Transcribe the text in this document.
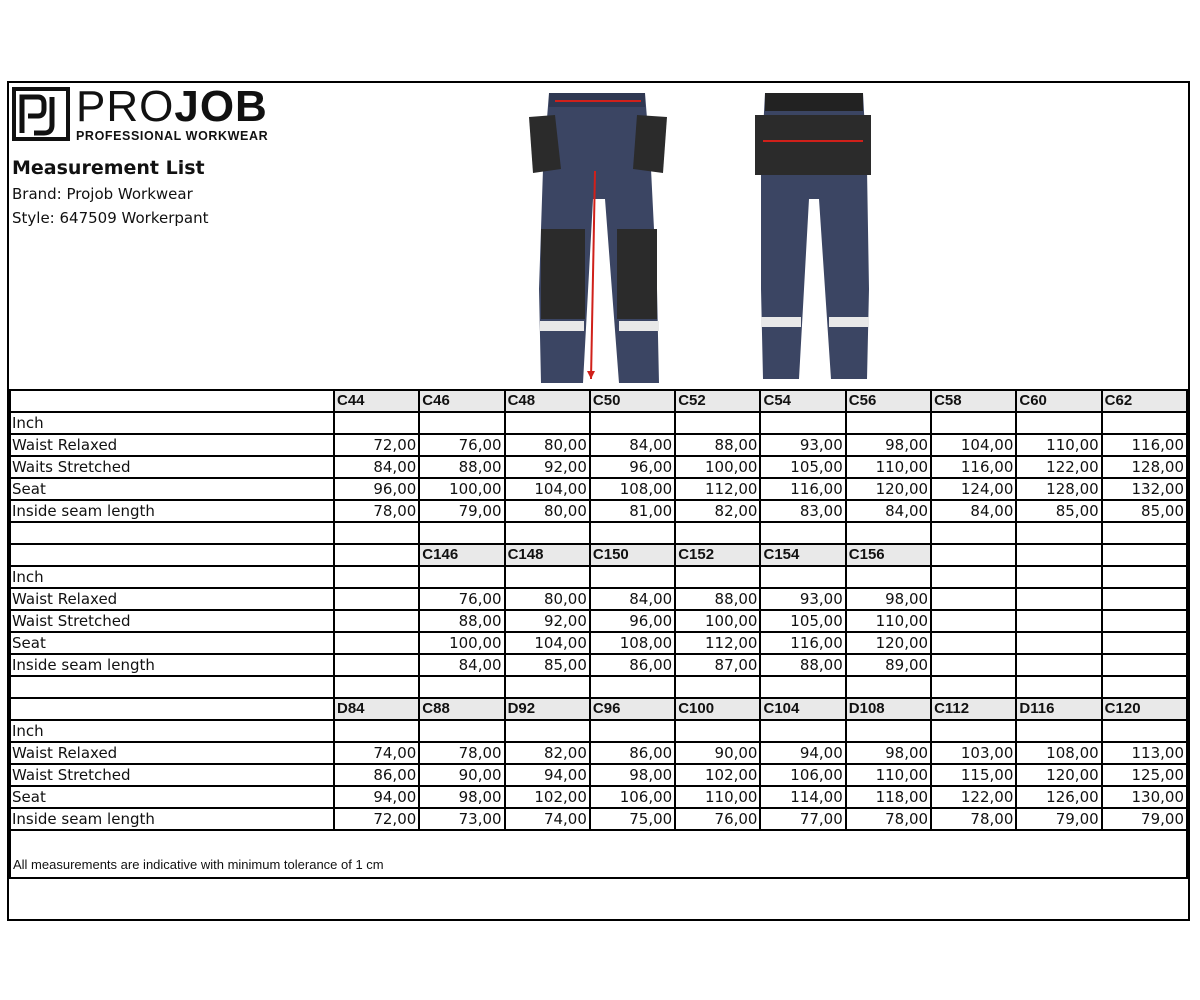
PROJOB
PROFESSIONAL WORKWEAR
Measurement List
Brand: Projob Workwear
Style: 647509 Workerpant
	C44	C46	C48	C50	C52	C54	C56	C58	C60	C62
Inch										
Waist Relaxed	72,00	76,00	80,00	84,00	88,00	93,00	98,00	104,00	110,00	116,00
Waits Stretched	84,00	88,00	92,00	96,00	100,00	105,00	110,00	116,00	122,00	128,00
Seat	96,00	100,00	104,00	108,00	112,00	116,00	120,00	124,00	128,00	132,00
Inside seam length	78,00	79,00	80,00	81,00	82,00	83,00	84,00	84,00	85,00	85,00

		C146	C148	C150	C152	C154	C156			
Inch										
Waist Relaxed		76,00	80,00	84,00	88,00	93,00	98,00			
Waist Stretched		88,00	92,00	96,00	100,00	105,00	110,00			
Seat		100,00	104,00	108,00	112,00	116,00	120,00			
Inside seam length		84,00	85,00	86,00	87,00	88,00	89,00			

	D84	C88	D92	C96	C100	C104	D108	C112	D116	C120
Inch										
Waist Relaxed	74,00	78,00	82,00	86,00	90,00	94,00	98,00	103,00	108,00	113,00
Waist Stretched	86,00	90,00	94,00	98,00	102,00	106,00	110,00	115,00	120,00	125,00
Seat	94,00	98,00	102,00	106,00	110,00	114,00	118,00	122,00	126,00	130,00
Inside seam length	72,00	73,00	74,00	75,00	76,00	77,00	78,00	78,00	79,00	79,00
All measurements are indicative with minimum tolerance of 1 cm										
